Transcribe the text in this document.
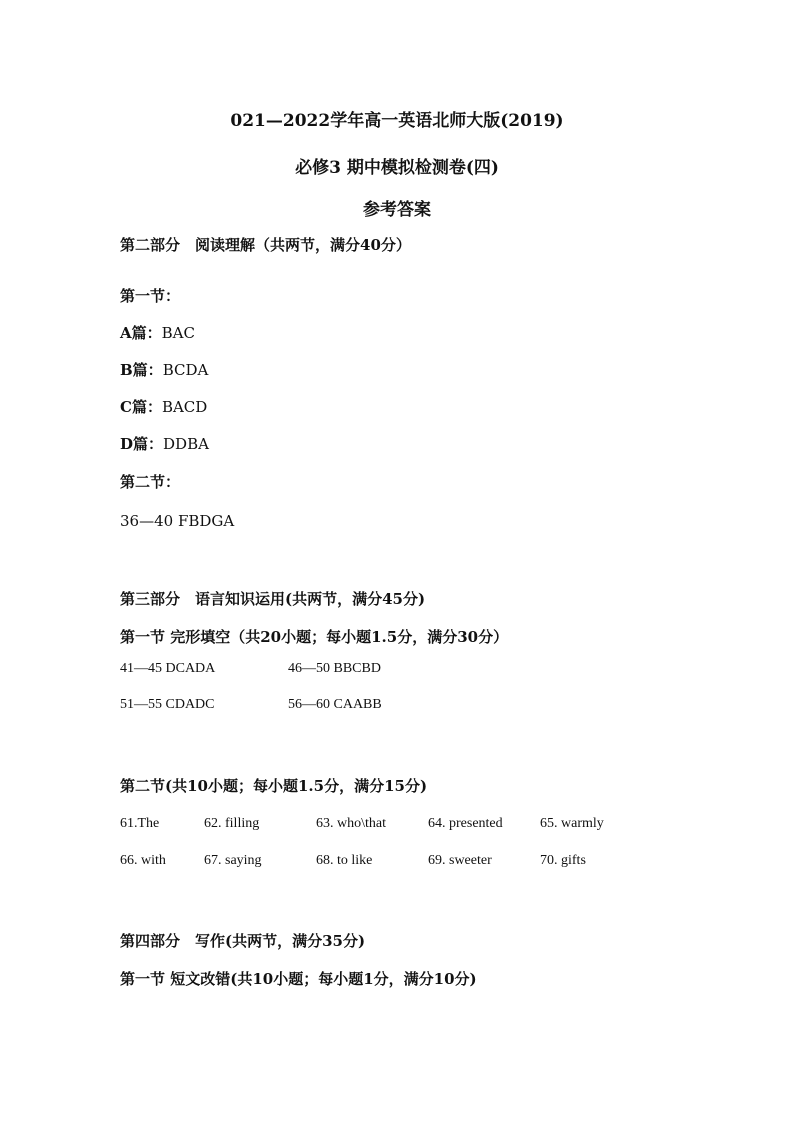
021—2022学年高一英语北师大版(2019)
必修3 期中模拟检测卷(四)
参考答案
第二部分　阅读理解（共两节，满分40分）
第一节：
A篇：BAC
B篇：BCDA
C篇：BACD
D篇：DDBA
第二节：
36—40 FBDGA
第三部分　语言知识运用(共两节，满分45分)
第一节 完形填空（共20小题；每小题1.5分，满分30分）
41—45 DCADA	46—50 BBCBD
51—55 CDADC	56—60 CAABB
第二节(共10小题；每小题1.5分，满分15分)
61.The	62. filling	63. who\that	64. presented	65. warmly
66. with	67. saying	68. to like	69. sweeter	70. gifts
第四部分　写作(共两节，满分35分)
第一节 短文改错(共10小题；每小题1分，满分10分)
